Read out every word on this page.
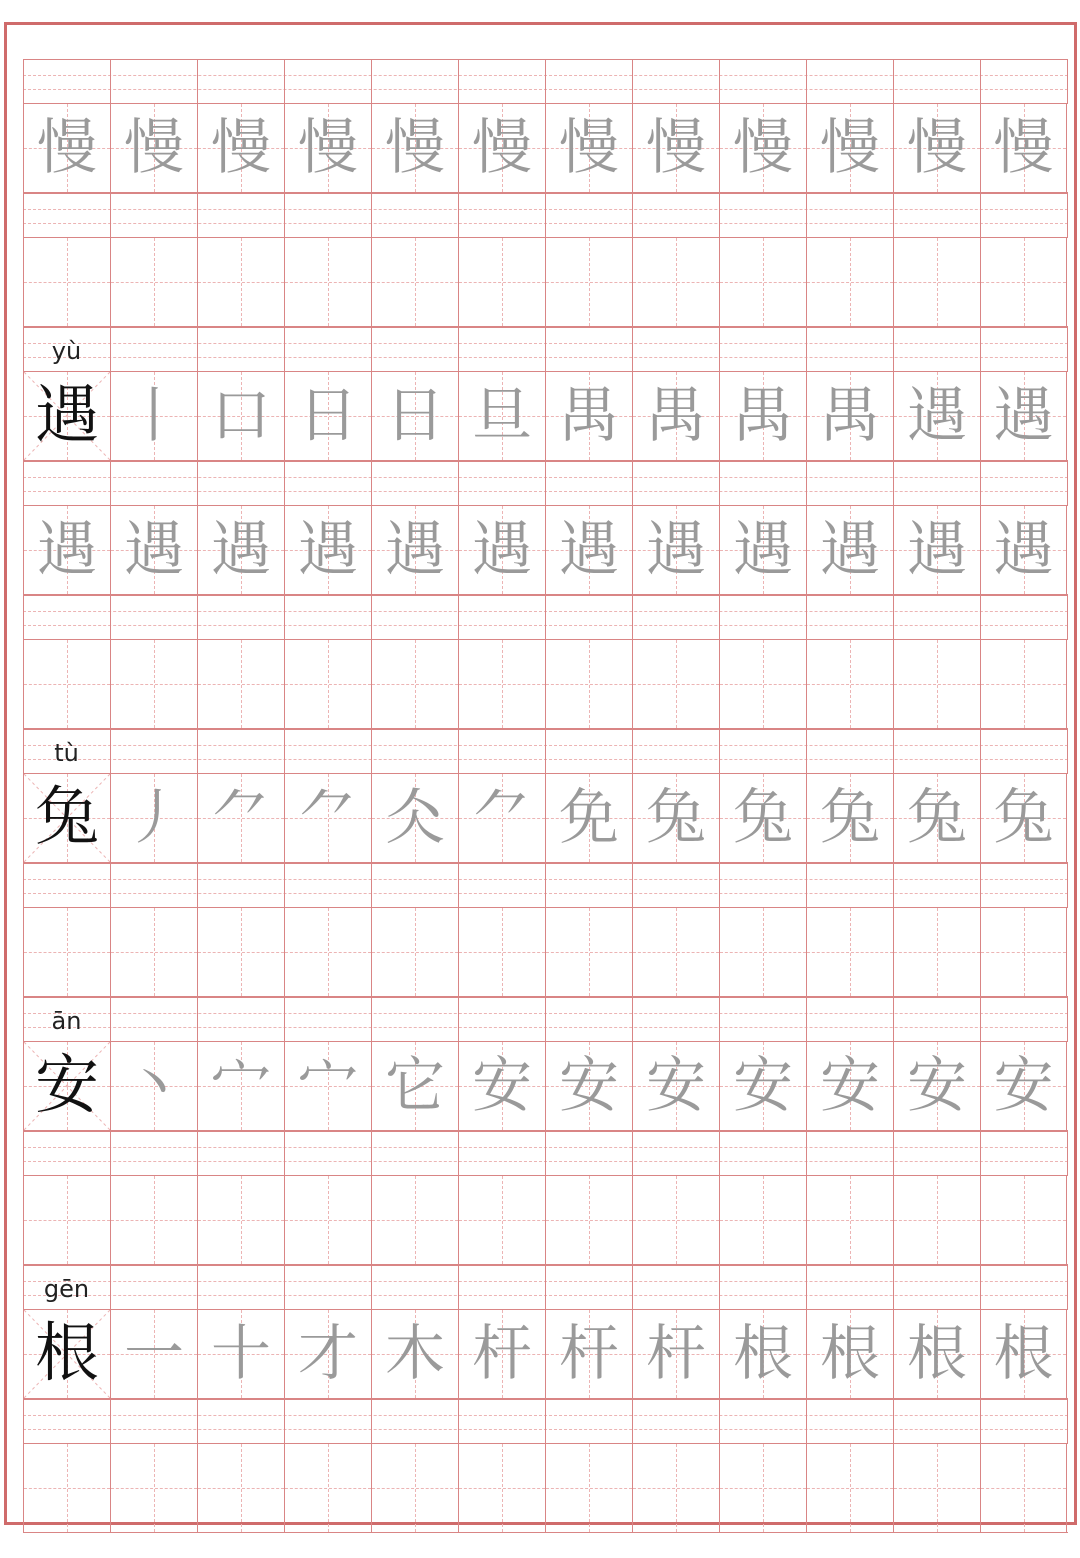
慢 慢 慢 慢 慢 慢 慢 慢 慢 慢 慢 慢
yù
遇 丨 口 日 日 旦 禺 禺 禺 禺 遇 遇
遇 遇 遇 遇 遇 遇 遇 遇 遇 遇 遇 遇
tù
兔 丿 ⺈ ⺈ 仌 ⺈ 免 兔 兔 兔 兔 兔
ān
安 丶 宀 宀 它 安 安 安 安 安 安 安
gēn
根 一 十 才 木 杆 杆 杆 根 根 根 根
